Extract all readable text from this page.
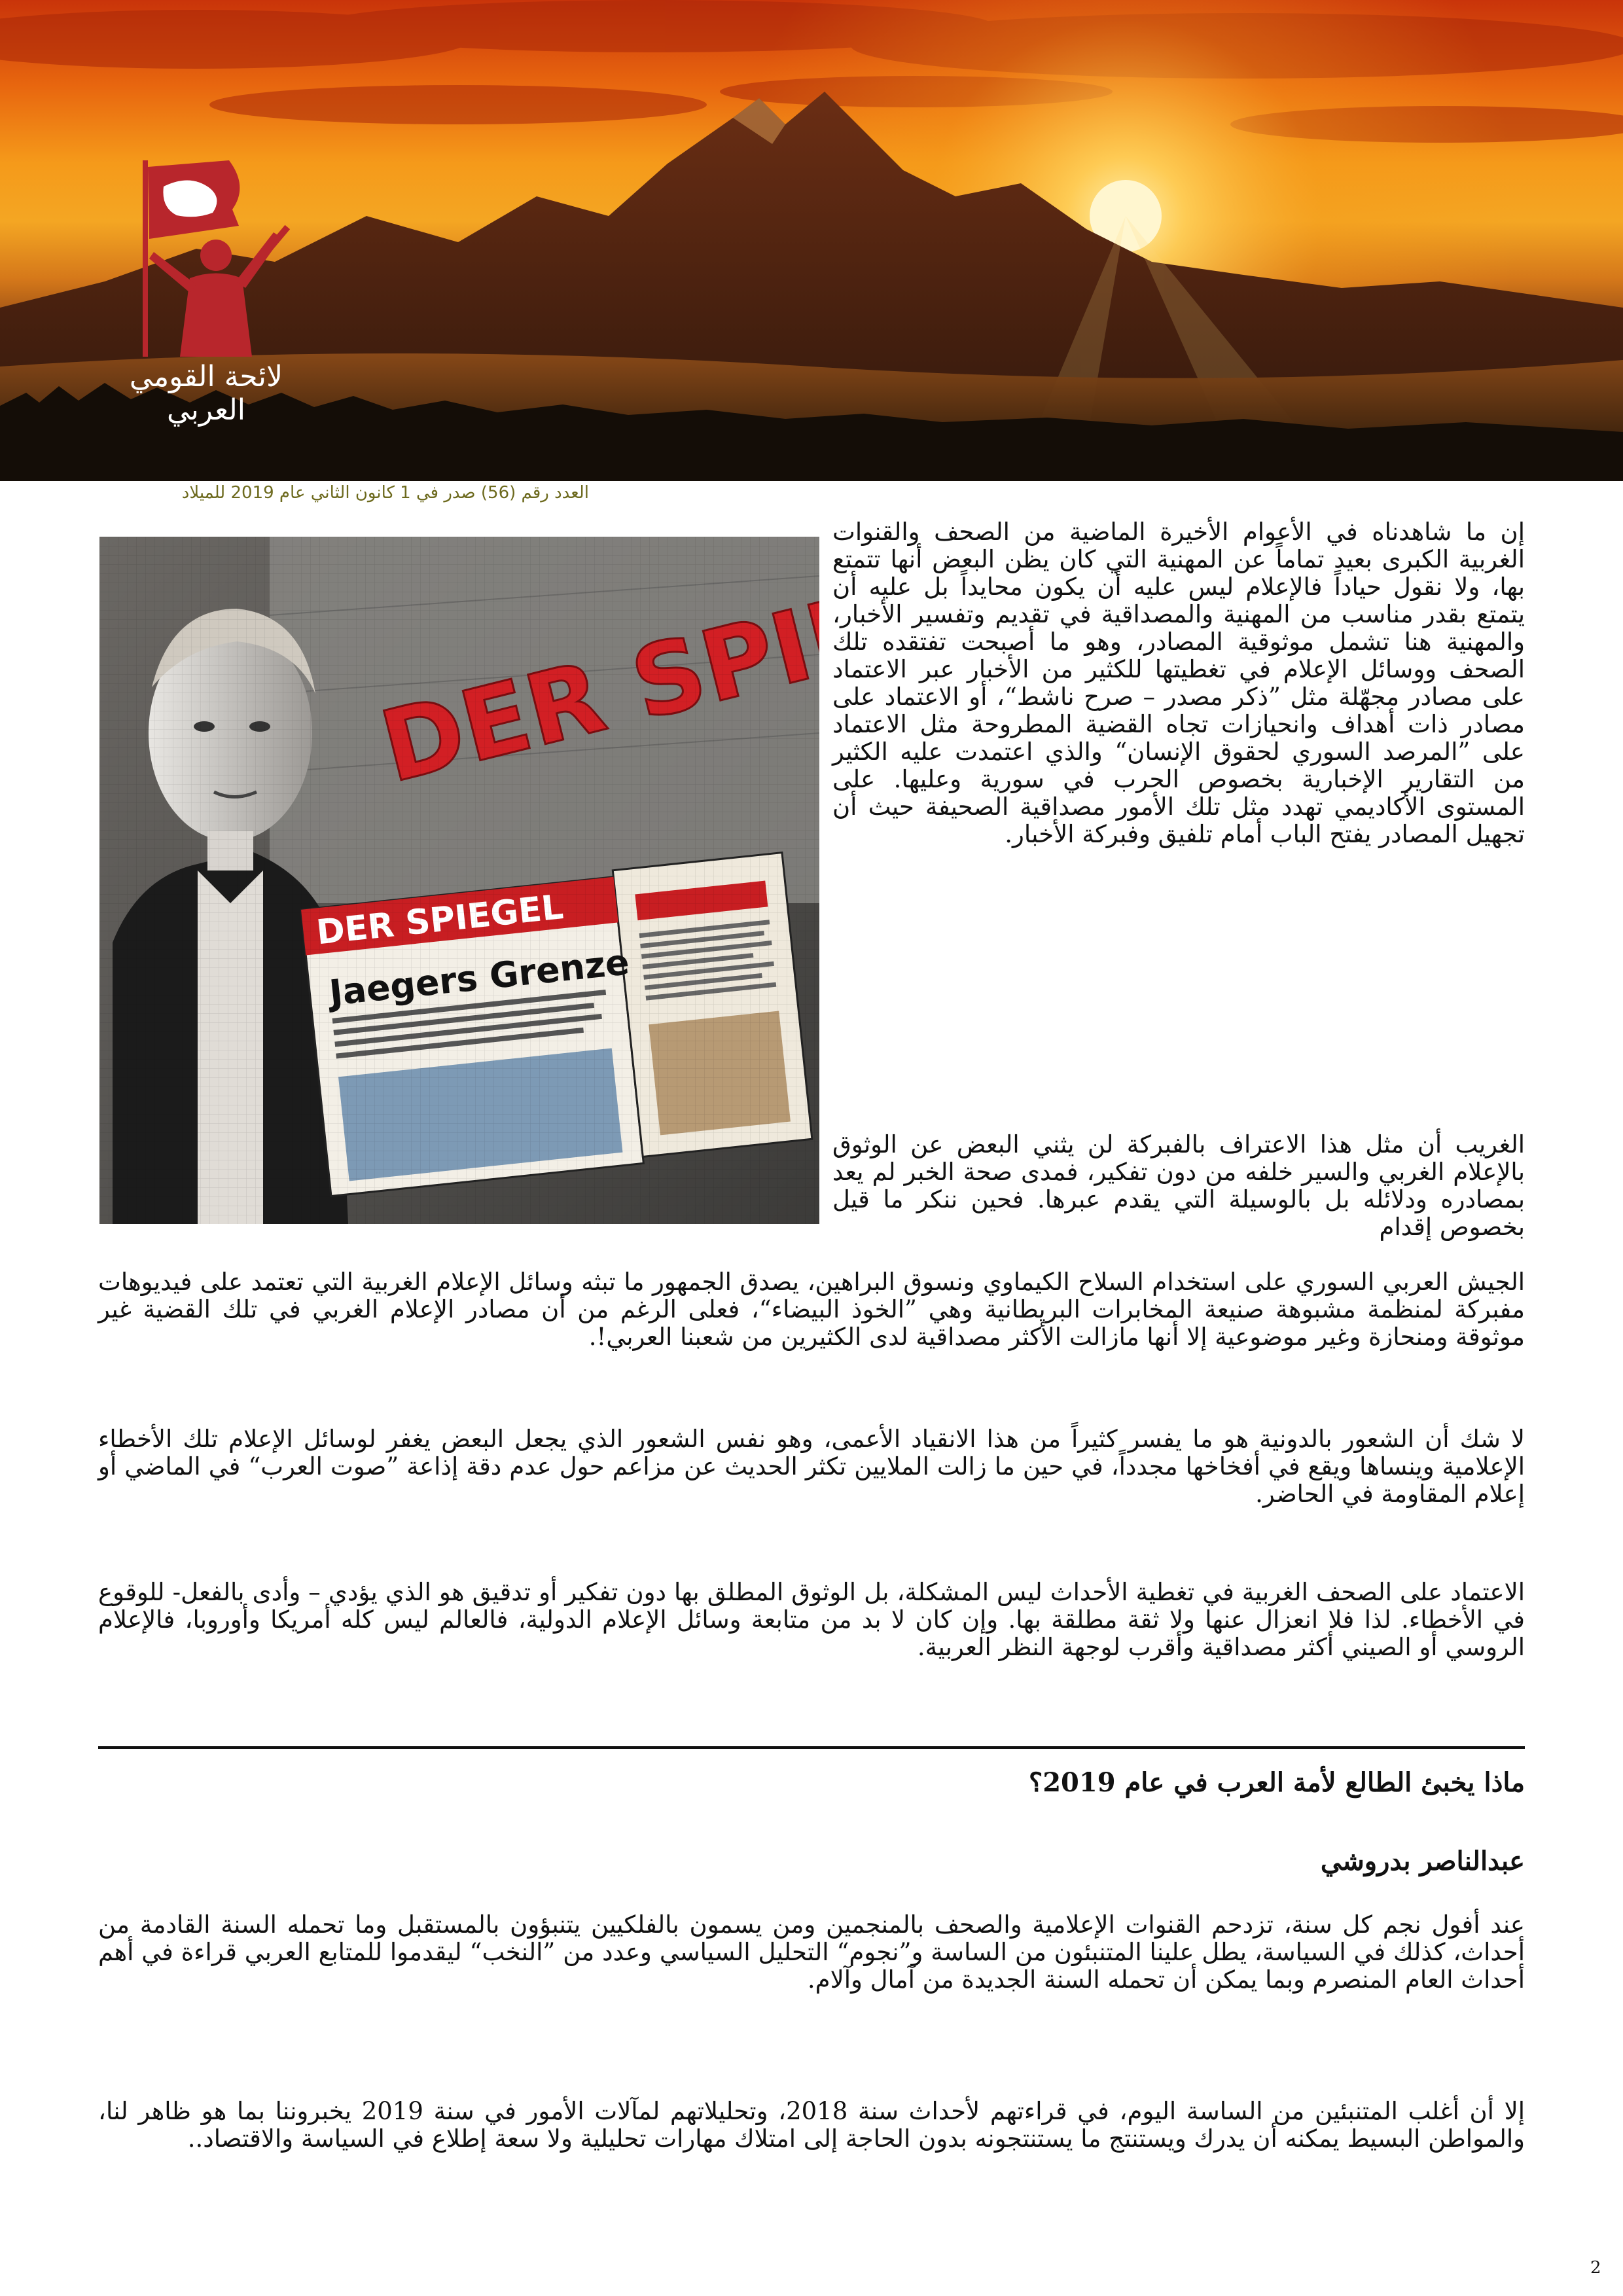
لائحة القومي العربي
العدد رقم (56) صدر في 1 كانون الثاني عام 2019 للميلاد
إن ما شاهدناه في الأعوام الأخيرة الماضية من الصحف والقنوات الغربية الكبرى بعيد تماماً عن المهنية التي كان يظن البعض أنها تتمتع بها، ولا نقول حياداً فالإعلام ليس عليه أن يكون محايداً بل عليه أن يتمتع بقدر مناسب من المهنية والمصداقية في تقديم وتفسير الأخبار، والمهنية هنا تشمل موثوقية المصادر، وهو ما أصبحت تفتقده تلك الصحف ووسائل الإعلام في تغطيتها للكثير من الأخبار عبر الاعتماد على مصادر مجهّلة مثل ”ذكر مصدر – صرح ناشط“، أو الاعتماد على مصادر ذات أهداف وانحيازات تجاه القضية المطروحة مثل الاعتماد على ”المرصد السوري لحقوق الإنسان“ والذي اعتمدت عليه الكثير من التقارير الإخبارية بخصوص الحرب في سورية وعليها. على المستوى الأكاديمي تهدد مثل تلك الأمور مصداقية الصحيفة حيث أن تجهيل المصادر يفتح الباب أمام تلفيق وفبركة الأخبار.
الغريب أن مثل هذا الاعتراف بالفبركة لن يثني البعض عن الوثوق بالإعلام الغربي والسير خلفه من دون تفكير، فمدى صحة الخبر لم يعد بمصادره ودلائله بل بالوسيلة التي يقدم عبرها. فحين ننكر ما قيل بخصوص إقدام
الجيش العربي السوري على استخدام السلاح الكيماوي ونسوق البراهين، يصدق الجمهور ما تبثه وسائل الإعلام الغربية التي تعتمد على فيديوهات مفبركة لمنظمة مشبوهة صنيعة المخابرات البريطانية وهي ”الخوذ البيضاء“، فعلى الرغم من أن مصادر الإعلام الغربي في تلك القضية غير موثوقة ومنحازة وغير موضوعية إلا أنها مازالت الأكثر مصداقية لدى الكثيرين من شعبنا العربي!.
لا شك أن الشعور بالدونية هو ما يفسر كثيراً من هذا الانقياد الأعمى، وهو نفس الشعور الذي يجعل البعض يغفر لوسائل الإعلام تلك الأخطاء الإعلامية وينساها ويقع في أفخاخها مجدداً، في حين ما زالت الملايين تكثر الحديث عن مزاعم حول عدم دقة إذاعة ”صوت العرب“ في الماضي أو إعلام المقاومة في الحاضر.
الاعتماد على الصحف الغربية في تغطية الأحداث ليس المشكلة، بل الوثوق المطلق بها دون تفكير أو تدقيق هو الذي يؤدي – وأدى بالفعل- للوقوع في الأخطاء. لذا فلا انعزال عنها ولا ثقة مطلقة بها. وإن كان لا بد من متابعة وسائل الإعلام الدولية، فالعالم ليس كله أمريكا وأوروبا، فالإعلام الروسي أو الصيني أكثر مصداقية وأقرب لوجهة النظر العربية.
ماذا يخبئ الطالع لأمة العرب في عام 2019؟
عبدالناصر بدروشي
عند أفول نجم كل سنة، تزدحم القنوات الإعلامية والصحف بالمنجمين ومن يسمون بالفلكيين يتنبؤون بالمستقبل وما تحمله السنة القادمة من أحداث، كذلك في السياسة، يطل علينا المتنبئون من الساسة و”نجوم“ التحليل السياسي وعدد من ”النخب“ ليقدموا للمتابع العربي قراءة في أهم أحداث العام المنصرم وبما يمكن أن تحمله السنة الجديدة من آمال وآلام.
إلا أن أغلب المتنبئين من الساسة اليوم، في قراءتهم لأحداث سنة 2018، وتحليلاتهم لمآلات الأمور في سنة 2019 يخبروننا بما هو ظاهر لنا، والمواطن البسيط يمكنه أن يدرك ويستنتج ما يستنتجونه بدون الحاجة إلى امتلاك مهارات تحليلية ولا سعة إطلاع في السياسة والاقتصاد..
2
